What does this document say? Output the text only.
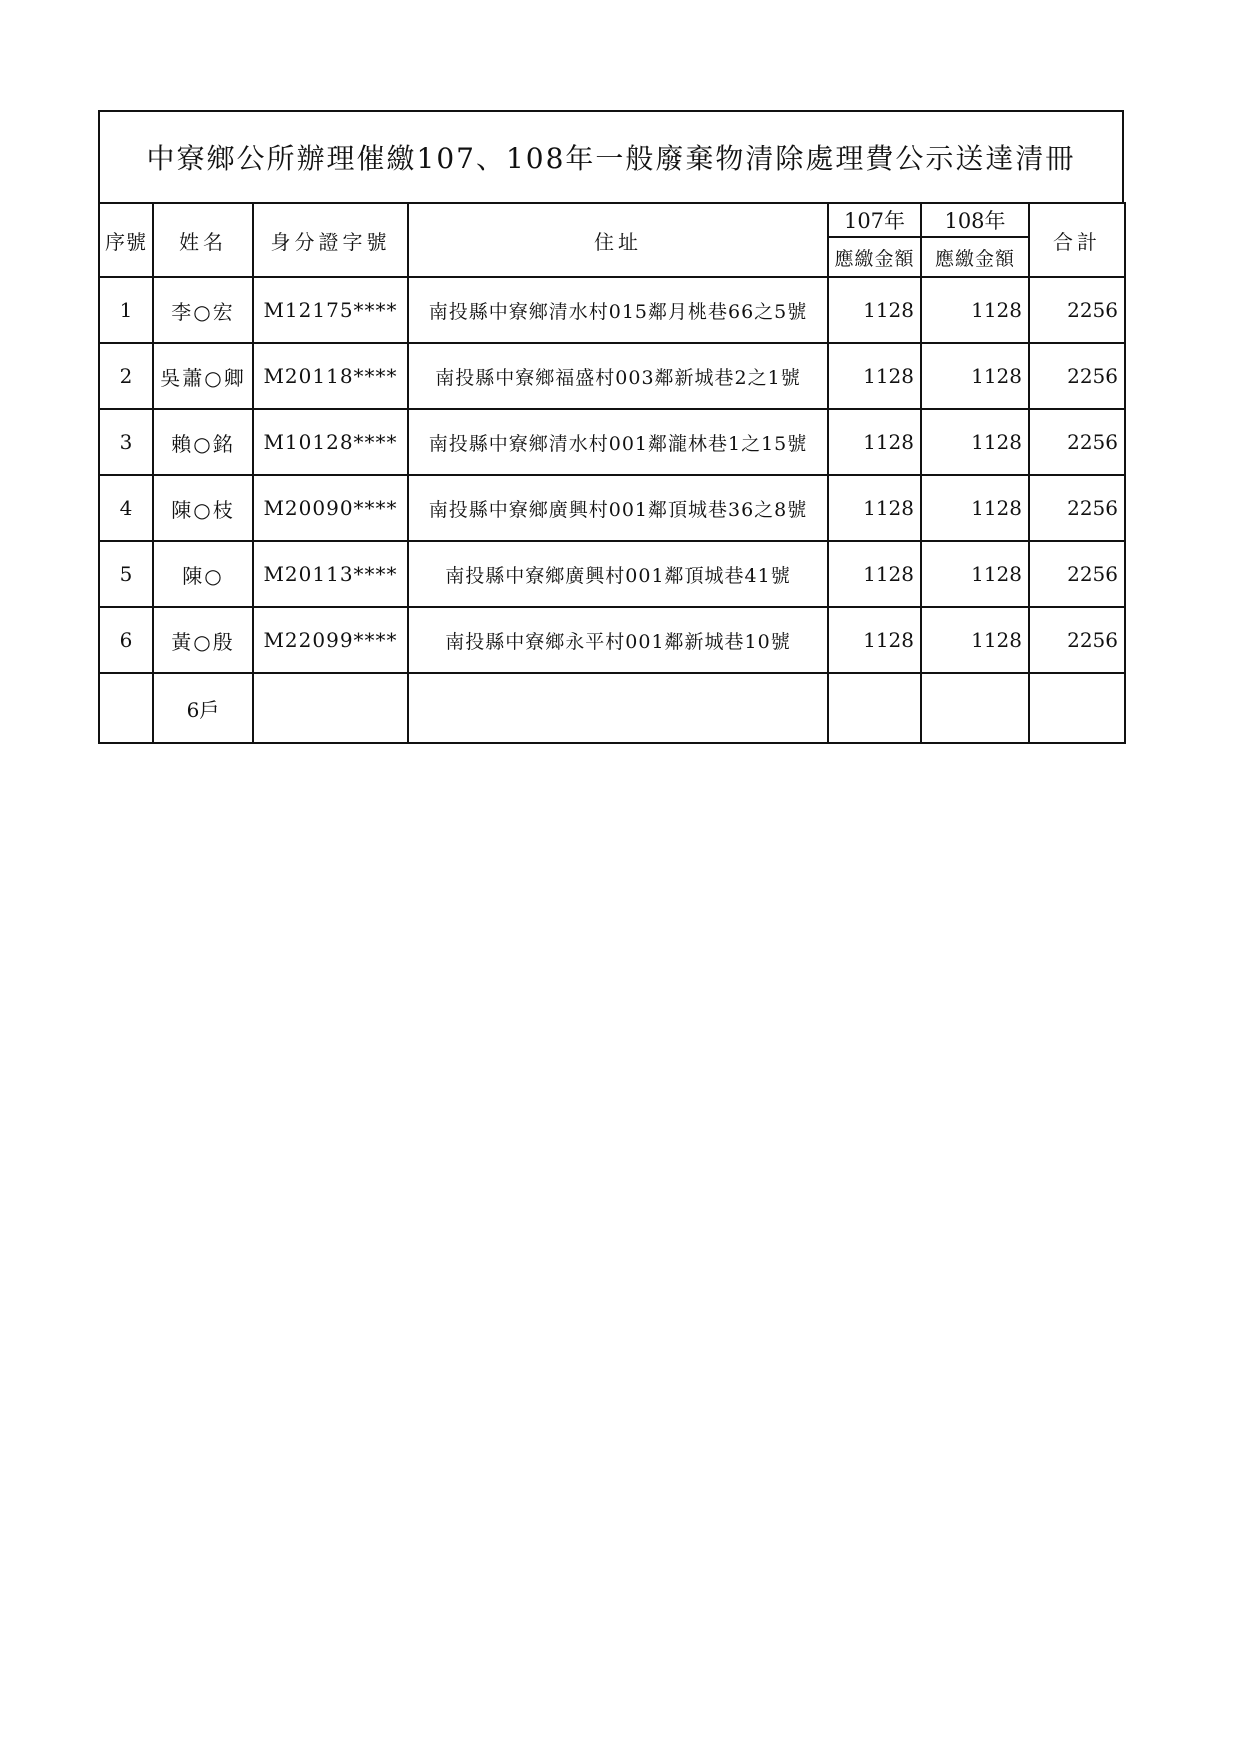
中寮鄉公所辦理催繳107、108年一般廢棄物清除處理費公示送達清冊
序號	姓名	身分證字號	住址	107年	108年	合計
				應繳金額	應繳金額	
1	李○宏	M12175****	南投縣中寮鄉清水村015鄰月桃巷66之5號	1128	1128	2256
2	吳蕭○卿	M20118****	南投縣中寮鄉福盛村003鄰新城巷2之1號	1128	1128	2256
3	賴○銘	M10128****	南投縣中寮鄉清水村001鄰瀧林巷1之15號	1128	1128	2256
4	陳○枝	M20090****	南投縣中寮鄉廣興村001鄰頂城巷36之8號	1128	1128	2256
5	陳○	M20113****	南投縣中寮鄉廣興村001鄰頂城巷41號	1128	1128	2256
6	黃○殷	M22099****	南投縣中寮鄉永平村001鄰新城巷10號	1128	1128	2256
	6戶					
